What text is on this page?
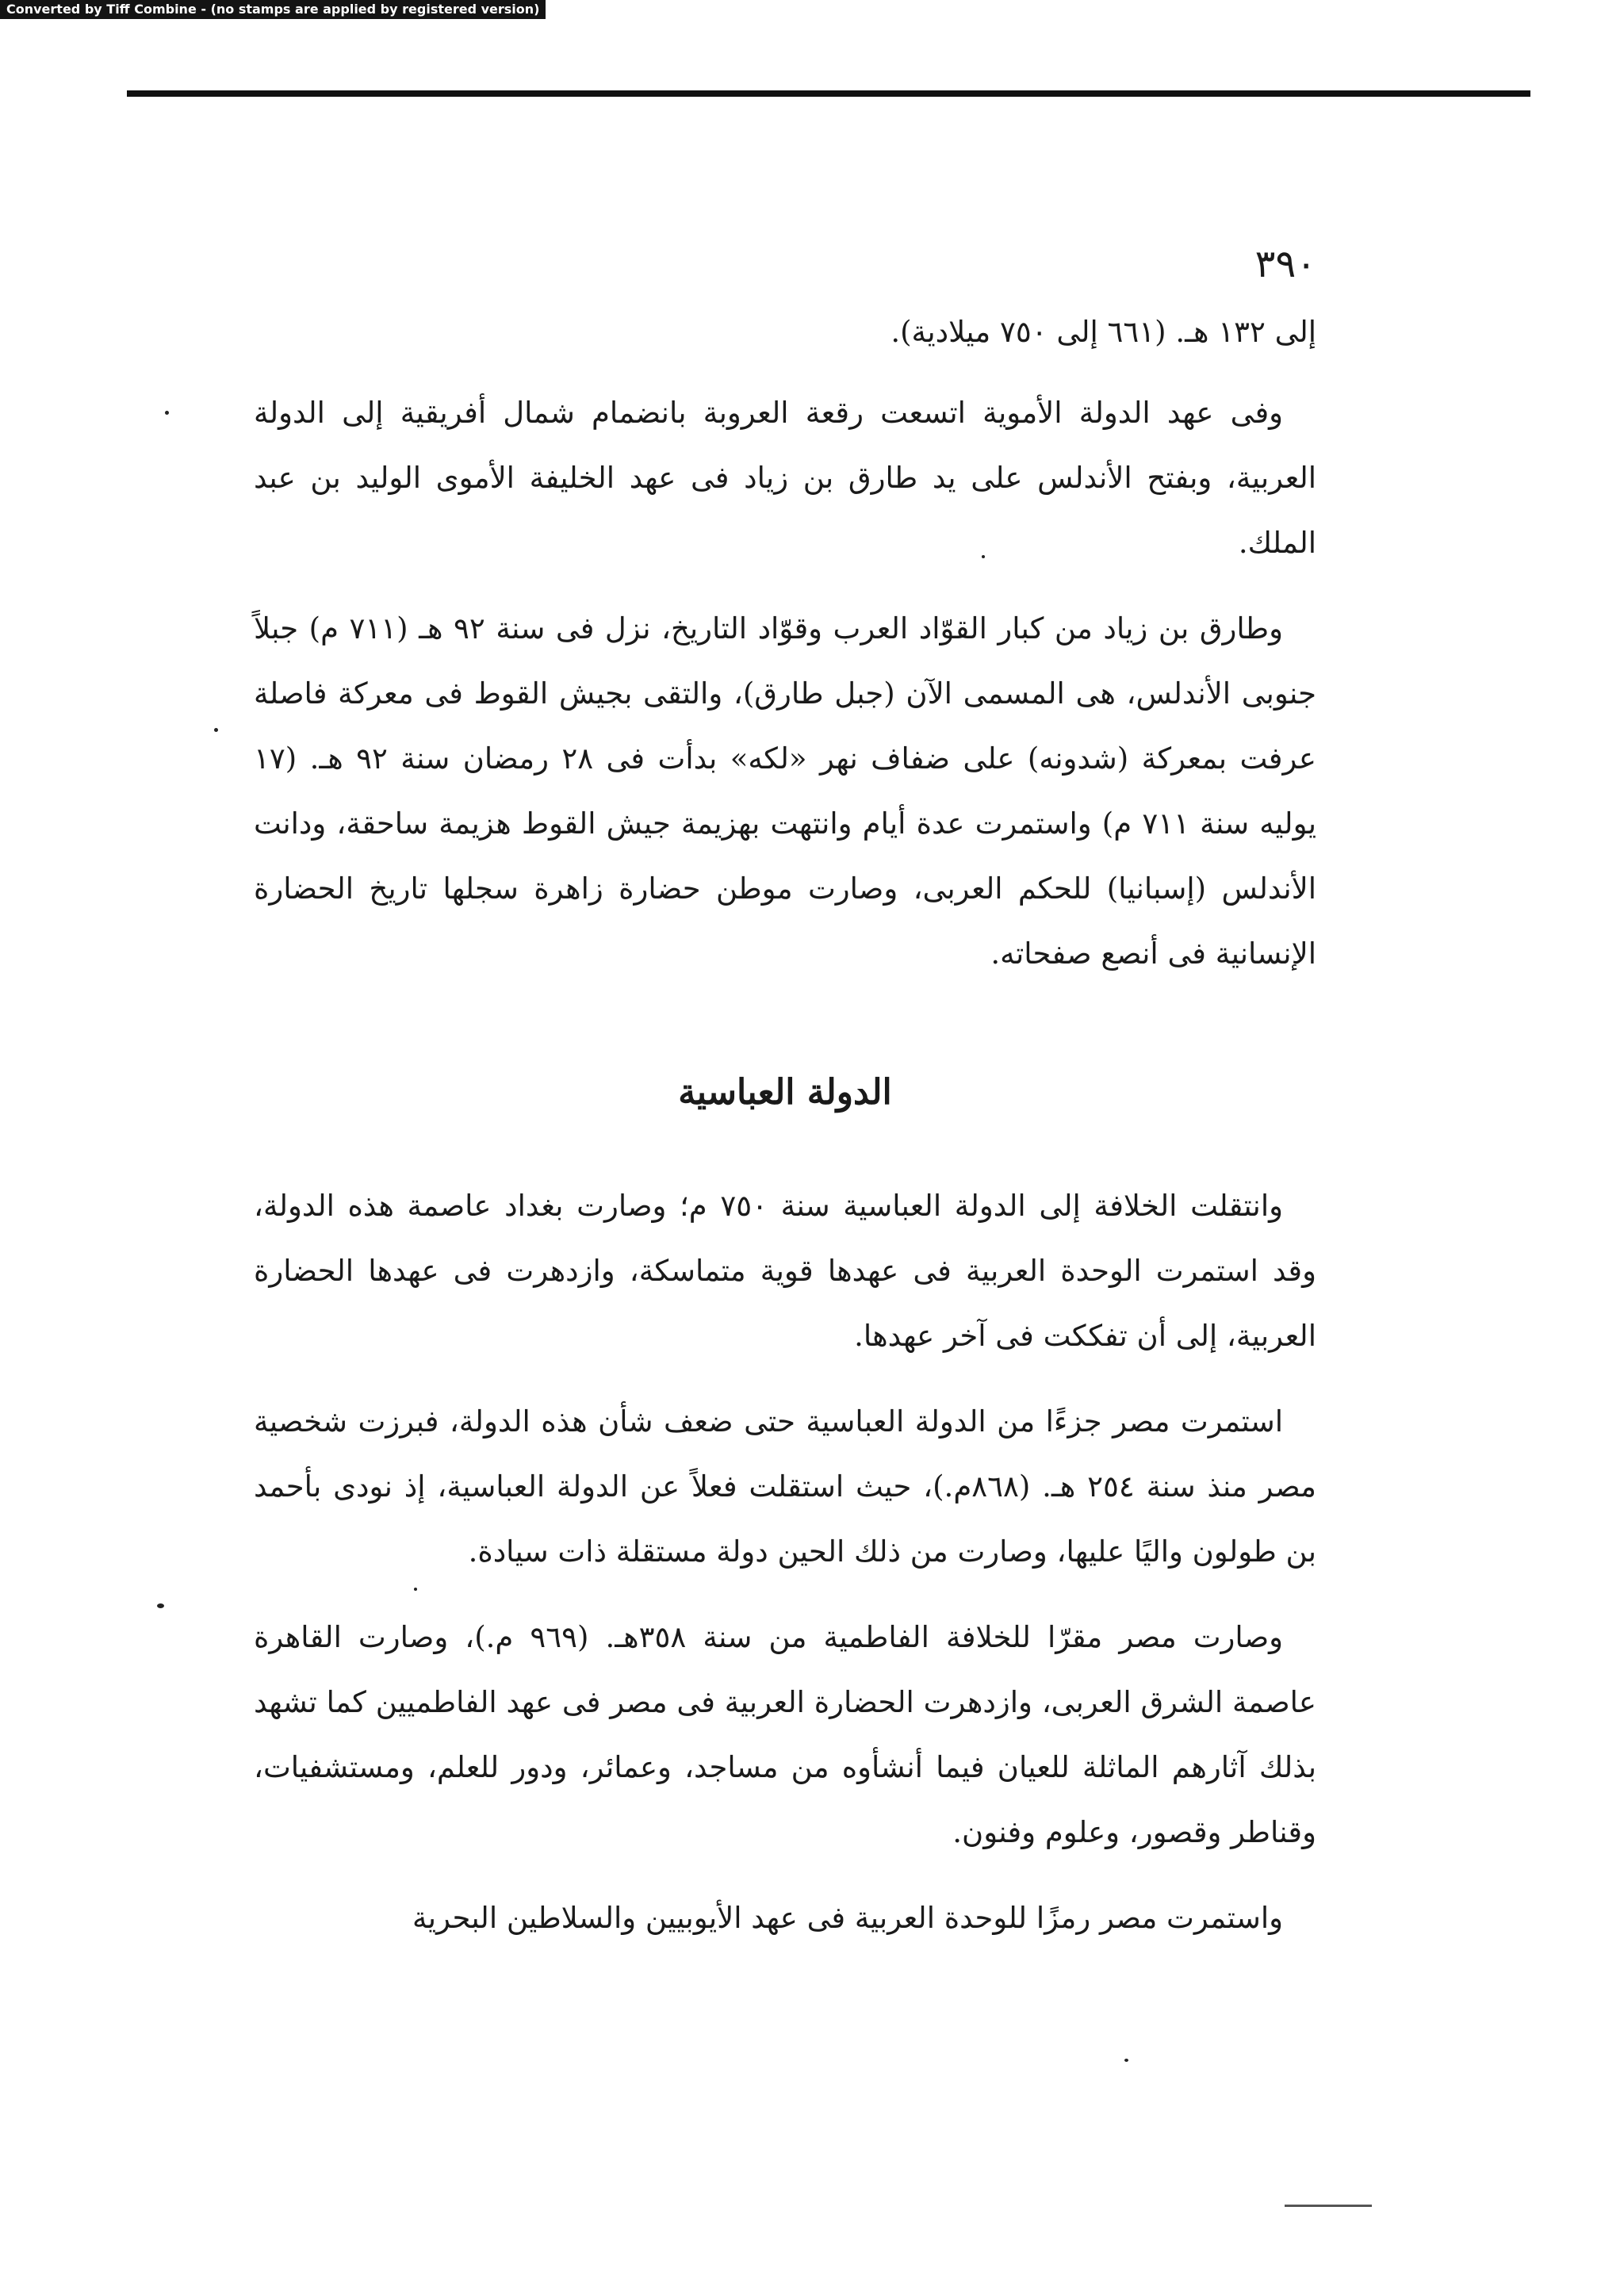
Converted by Tiff Combine - (no stamps are applied by registered version)
٣٩٠

إلى ١٣٢ هـ. (٦٦١ إلى ٧٥٠ ميلادية).

وفى عهد الدولة الأموية اتسعت رقعة العروبة بانضمام شمال أفريقية إلى الدولة العربية، وبفتح الأندلس على يد طارق بن زياد فى عهد الخليفة الأموى الوليد بن عبد الملك.

وطارق بن زياد من كبار القوّاد العرب وقوّاد التاريخ، نزل فى سنة ٩٢ هـ (٧١١ م) جبلاً جنوبى الأندلس، هى المسمى الآن (جبل طارق)، والتقى بجيش القوط فى معركة فاصلة عرفت بمعركة (شدونه) على ضفاف نهر «لكه» بدأت فى ٢٨ رمضان سنة ٩٢ هـ. (١٧ يوليه سنة ٧١١ م) واستمرت عدة أيام وانتهت بهزيمة جيش القوط هزيمة ساحقة، ودانت الأندلس (إسبانيا) للحكم العربى، وصارت موطن حضارة زاهرة سجلها تاريخ الحضارة الإنسانية فى أنصع صفحاته.

الدولة العباسية

وانتقلت الخلافة إلى الدولة العباسية سنة ٧٥٠ م؛ وصارت بغداد عاصمة هذه الدولة، وقد استمرت الوحدة العربية فى عهدها قوية متماسكة، وازدهرت فى عهدها الحضارة العربية، إلى أن تفككت فى آخر عهدها.

استمرت مصر جزءًا من الدولة العباسية حتى ضعف شأن هذه الدولة، فبرزت شخصية مصر منذ سنة ٢٥٤ هـ. (٨٦٨م.)، حيث استقلت فعلاً عن الدولة العباسية، إذ نودى بأحمد بن طولون واليًا عليها، وصارت من ذلك الحين دولة مستقلة ذات سيادة.

وصارت مصر مقرّا للخلافة الفاطمية من سنة ٣٥٨هـ. (٩٦٩ م.)، وصارت القاهرة عاصمة الشرق العربى، وازدهرت الحضارة العربية فى مصر فى عهد الفاطميين كما تشهد بذلك آثارهم الماثلة للعيان فيما أنشأوه من مساجد، وعمائر، ودور للعلم، ومستشفيات، وقناطر وقصور، وعلوم وفنون.

واستمرت مصر رمزًا للوحدة العربية فى عهد الأيوبيين والسلاطين البحرية
